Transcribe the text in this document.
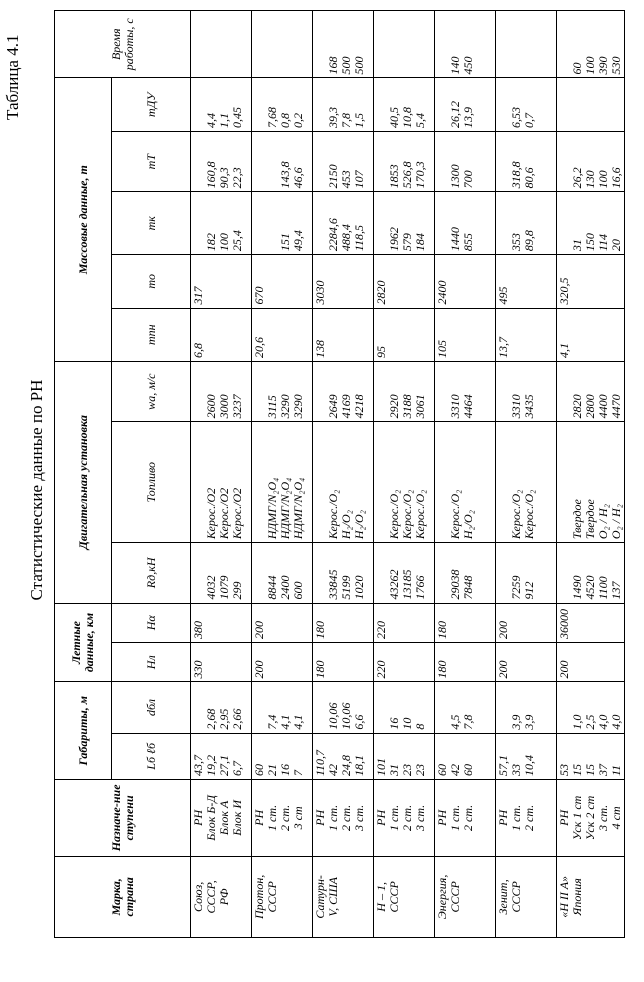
Таблица 4.1
Статистические данные по РН
Марка, страна	Назначе-ние ступени	Габариты, м		Летные данные, км		Двигательная установка			Массовые данные, т					Время работы, с
		Lб ℓб	dбл	Hл	Hα	Rд,кН	Топливо	wа, м/с	mпн	mо	mк	mТ	mДУ	

Союз, СССР, РФ	РН Блок Б-Д Блок А Блок И	43,7 19,2 27,1 6,7	2,68 2,95 2,66	330	380	4032 1079 299	Керос./О2 Керос./О2 Керос./О2	2600 3000 3237	6,8	317	182 100 25,4	160,8 90,3 22,3	4,4 1,1 0,45	

Протон, СССР	РН 1 ст. 2 ст. 3 ст	60 21 16 7	7,4 4,1 4,1	200	200	8844 2400 600	НДМГ/N₂O₄ НДМГ/N₂O₄ НДМГ/N₂O₄	3115 3290 3290	20,6	670	151 49,4	143,8 46,6	7,68 0,8 0,2	

Сатурн- V, США	РН 1 ст. 2 ст. 3 ст.	110,7 42 24,8 18,1	10,06 10,06 6,6	180	180	33845 5199 1020	Керос./О₂ H₂/О₂ H₂/О₂	2649 4169 4218	138	3030	2284,6 488,4 118,5	2150 453 107	39,3 7,8 1,5	168 500 500

Н – 1, СССР	РН 1 ст. 2 ст. 3 ст.	101 31 23 23	16 10 8	220	220	43262 13185 1766	Керос./О₂ Керос./О₂ Керос./О₂	2920 3188 3061	95	2820	1962 579 184	1853 526,8 170,3	40,5 10,8 5,4	

Энергия, СССР	РН 1 ст. 2 ст.	60 42 60	4,5 7,8	180	180	29038 7848	Керос./О₂ H₂/О₂	3310 4464	105	2400	1440 855	1300 700	26,12 13,9	140 450

Зенит, СССР	РН 1 ст. 2 ст.	57,1 33 10,4	3,9 3,9	200	200	7259 912	Керос./О₂ Керос./О₂	3310 3435	13,7	495	353 89,8	318,8 80,6	6,53 0,7	

«Н II A» Япония	РН Уск 1 ст Уск 2 ст 3 ст. 4 ст	53 15 15 37 11	1,0 2,5 4,0 4,0	200	36000	1490 4520 1100 137	Твердое Твердое O₂ / H₂ O₂ / H₂	2820 2800 4400 4470	4,1	320,5	31 150 114 20	26,2 130 100 16,6		60 100 390 530
